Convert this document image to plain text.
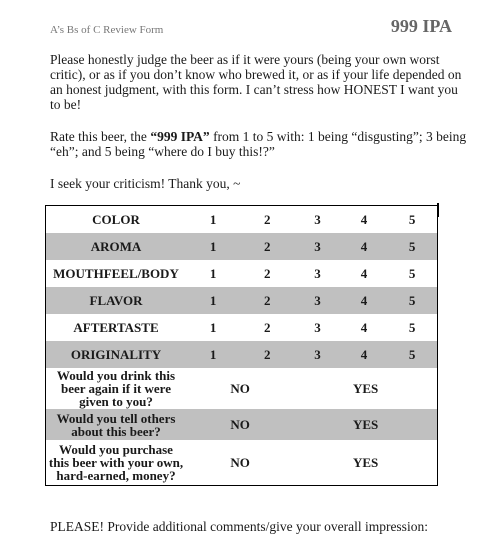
A’s Bs of C Review Form	999 IPA

Please honestly judge the beer as if it were yours (being your own worst critic), or as if you don’t know who brewed it, or as if your life depended on an honest judgment, with this form. I can’t stress how HONEST I want you to be!

Rate this beer, the “999 IPA” from 1 to 5 with: 1 being “disgusting”; 3 being “eh”; and 5 being “where do I buy this!?”

I seek your criticism! Thank you, ~

COLOR	1	2	3	4	5
AROMA	1	2	3	4	5
MOUTHFEEL/BODY	1	2	3	4	5
FLAVOR	1	2	3	4	5
AFTERTASTE	1	2	3	4	5
ORIGINALITY	1	2	3	4	5
Would you drink this beer again if it were given to you?	NO		YES		
Would you tell others about this beer?	NO		YES		
Would you purchase this beer with your own, hard-earned, money?	NO		YES		
PLEASE! Provide additional comments/give your overall impression:
